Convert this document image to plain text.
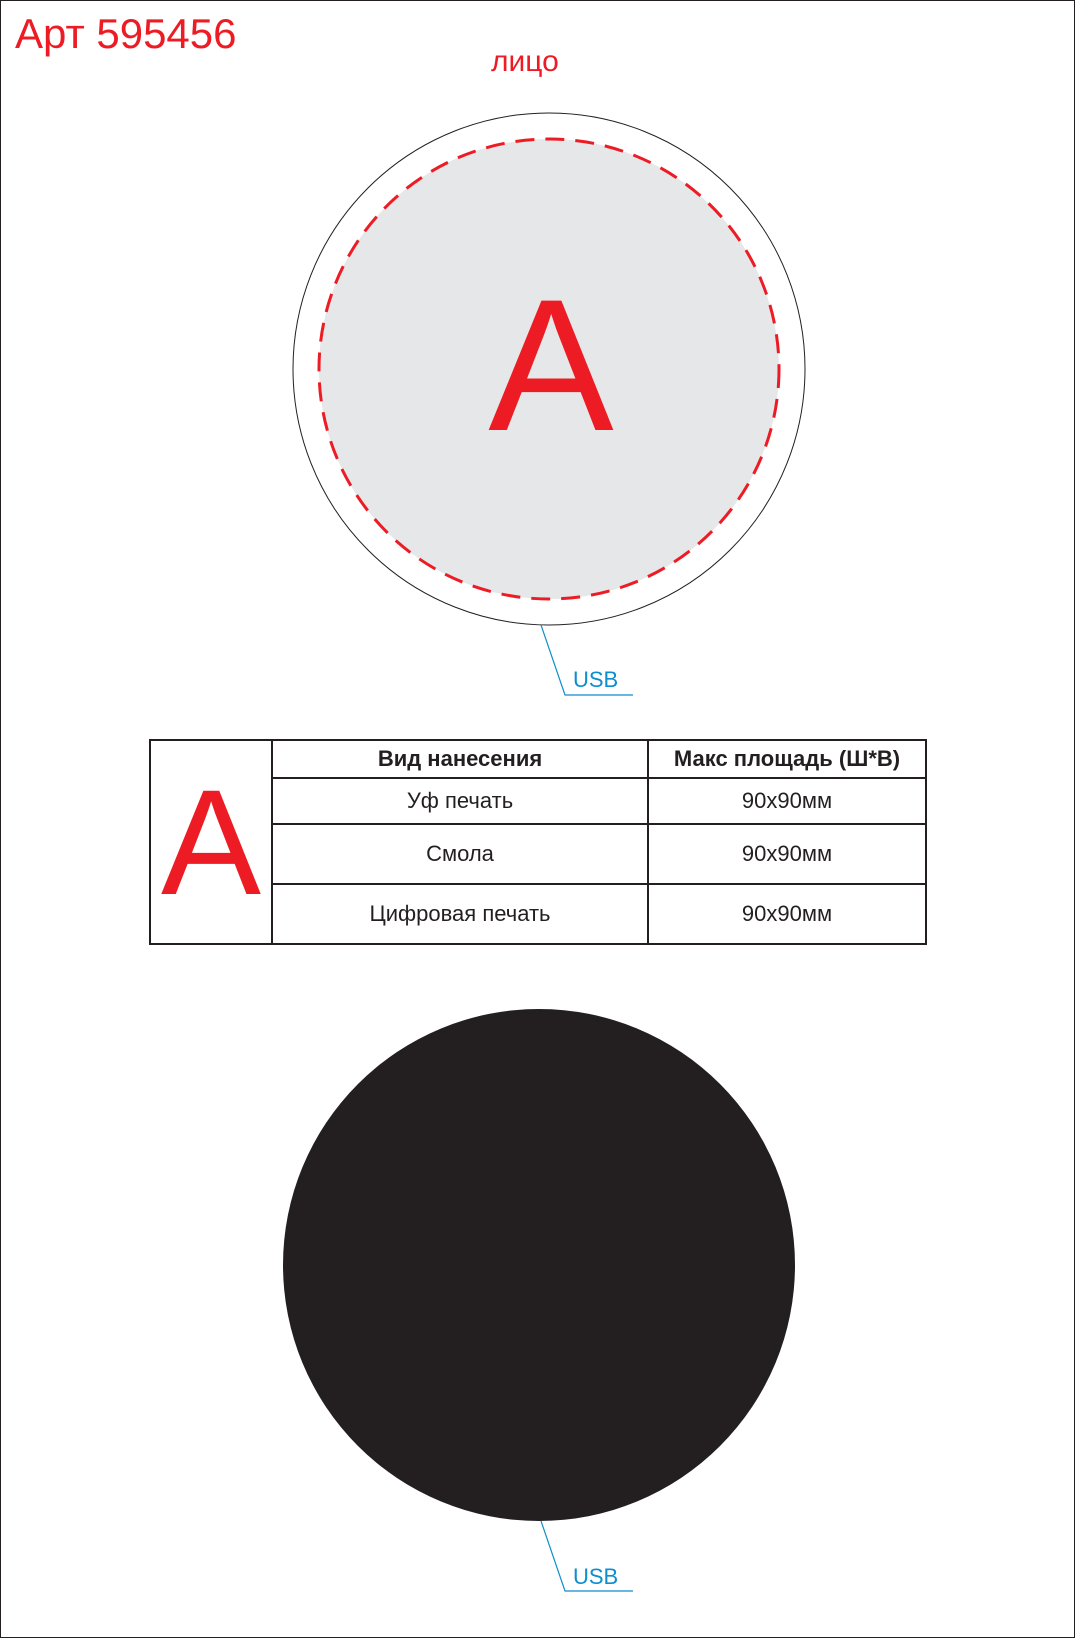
Арт 595456
лицо
A
USB
USB
A	Вид нанесения	Макс площадь (Ш*В)
	Уф печать	90x90мм
	Смола	90x90мм
	Цифровая печать	90x90мм
